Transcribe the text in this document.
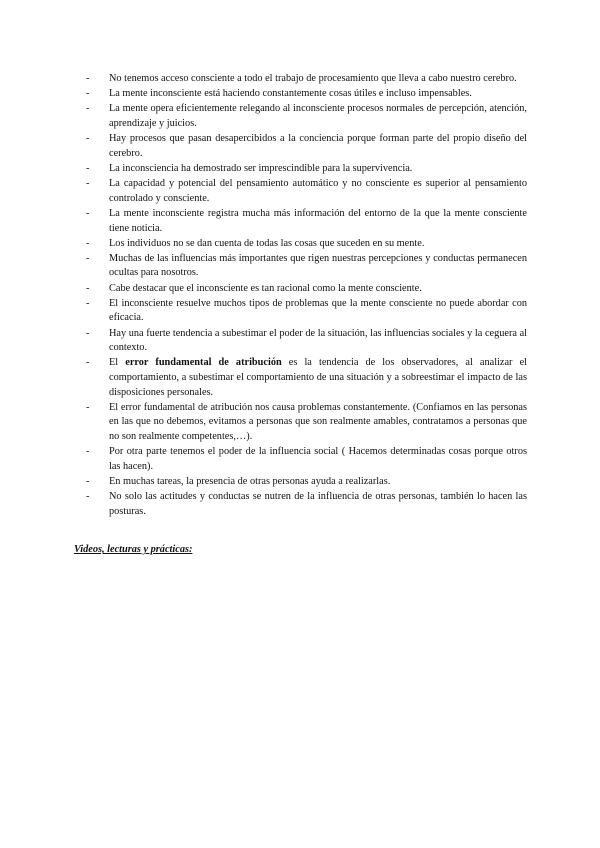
- No tenemos acceso consciente a todo el trabajo de procesamiento que lleva a cabo nuestro cerebro.
- La mente inconsciente está haciendo constantemente cosas útiles e incluso impensables.
- La mente opera eficientemente relegando al inconsciente procesos normales de percepción, atención, aprendizaje y juicios.
- Hay procesos que pasan desapercibidos a la conciencia porque forman parte del propio diseño del cerebro.
- La inconsciencia ha demostrado ser imprescindible para la supervivencia.
- La capacidad y potencial del pensamiento automático y no consciente es superior al pensamiento controlado y consciente.
- La mente inconsciente registra mucha más información del entorno de la que la mente consciente tiene noticia.
- Los individuos no se dan cuenta de todas las cosas que suceden en su mente.
- Muchas de las influencias más importantes que rigen nuestras percepciones y conductas permanecen ocultas para nosotros.
- Cabe destacar que el inconsciente es tan racional como la mente consciente.
- El inconsciente resuelve muchos tipos de problemas que la mente consciente no puede abordar con eficacia.
- Hay una fuerte tendencia a subestimar el poder de la situación, las influencias sociales y la ceguera al contexto.
- El error fundamental de atribución es la tendencia de los observadores, al analizar el comportamiento, a subestimar el comportamiento de una situación y a sobreestimar el impacto de las disposiciones personales.
- El error fundamental de atribución nos causa problemas constantemente. (Confiamos en las personas en las que no debemos, evitamos a personas que son realmente amables, contratamos a personas que no son realmente competentes,…).
- Por otra parte tenemos el poder de la influencia social ( Hacemos determinadas cosas porque otros las hacen).
- En muchas tareas, la presencia de otras personas ayuda a realizarlas.
- No solo las actitudes y conductas se nutren de la influencia de otras personas, también lo hacen las posturas.
Videos, lecturas y prácticas:
